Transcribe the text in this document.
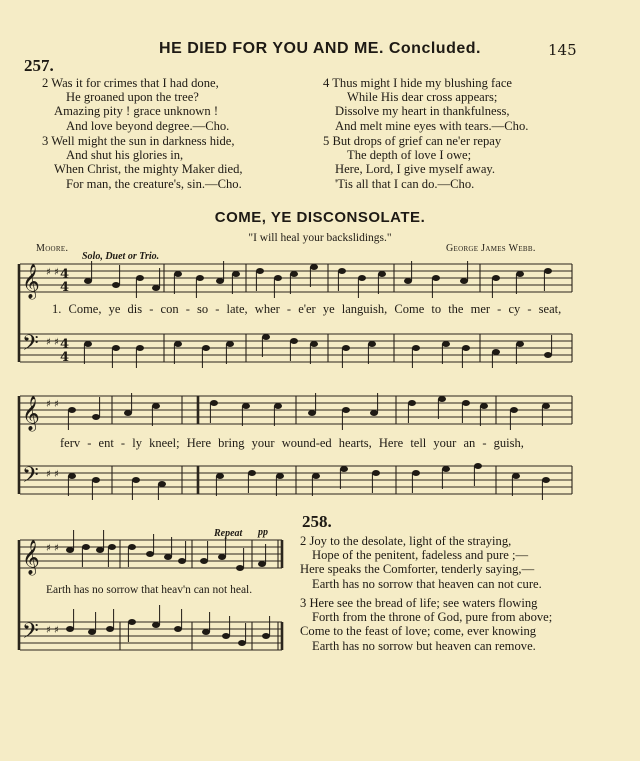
HE DIED FOR YOU AND ME. Concluded.	145
257.
2 Was it for crimes that I had done,
He groaned upon the tree?
Amazing pity ! grace unknown !
And love beyond degree.—Cho.
3 Well might the sun in darkness hide,
And shut his glories in,
When Christ, the mighty Maker died,
For man, the creature's, sin.—Cho.
4 Thus might I hide my blushing face
While His dear cross appears;
Dissolve my heart in thankfulness,
And melt mine eyes with tears.—Cho.
5 But drops of grief can ne'er repay
The depth of love I owe;
Here, Lord, I give myself away.
'Tis all that I can do.—Cho.
COME, YE DISCONSOLATE.
"I will heal your backslidings."
Moore.	George James Webb.
Solo, Duet or Trio.
𝄞
𝄢
♯ ♯
♯ ♯
4
4
4
4
1. Come, ye dis - con - so - late, wher - e'er ye languish, Come to the mer - cy - seat,
𝄞
𝄢
♯ ♯
♯ ♯
ferv - ent - ly kneel; Here bring your wound-ed hearts, Here tell your an - guish,
𝄞
𝄢
♯ ♯
♯ ♯
Repeat pp
Earth has no sorrow that heav'n can not heal.
258.
2 Joy to the desolate, light of the straying,
Hope of the penitent, fadeless and pure ;—
Here speaks the Comforter, tenderly saying,—
Earth has no sorrow that heaven can not cure.
3 Here see the bread of life; see waters flowing
Forth from the throne of God, pure from above;
Come to the feast of love; come, ever knowing
Earth has no sorrow but heaven can remove.
